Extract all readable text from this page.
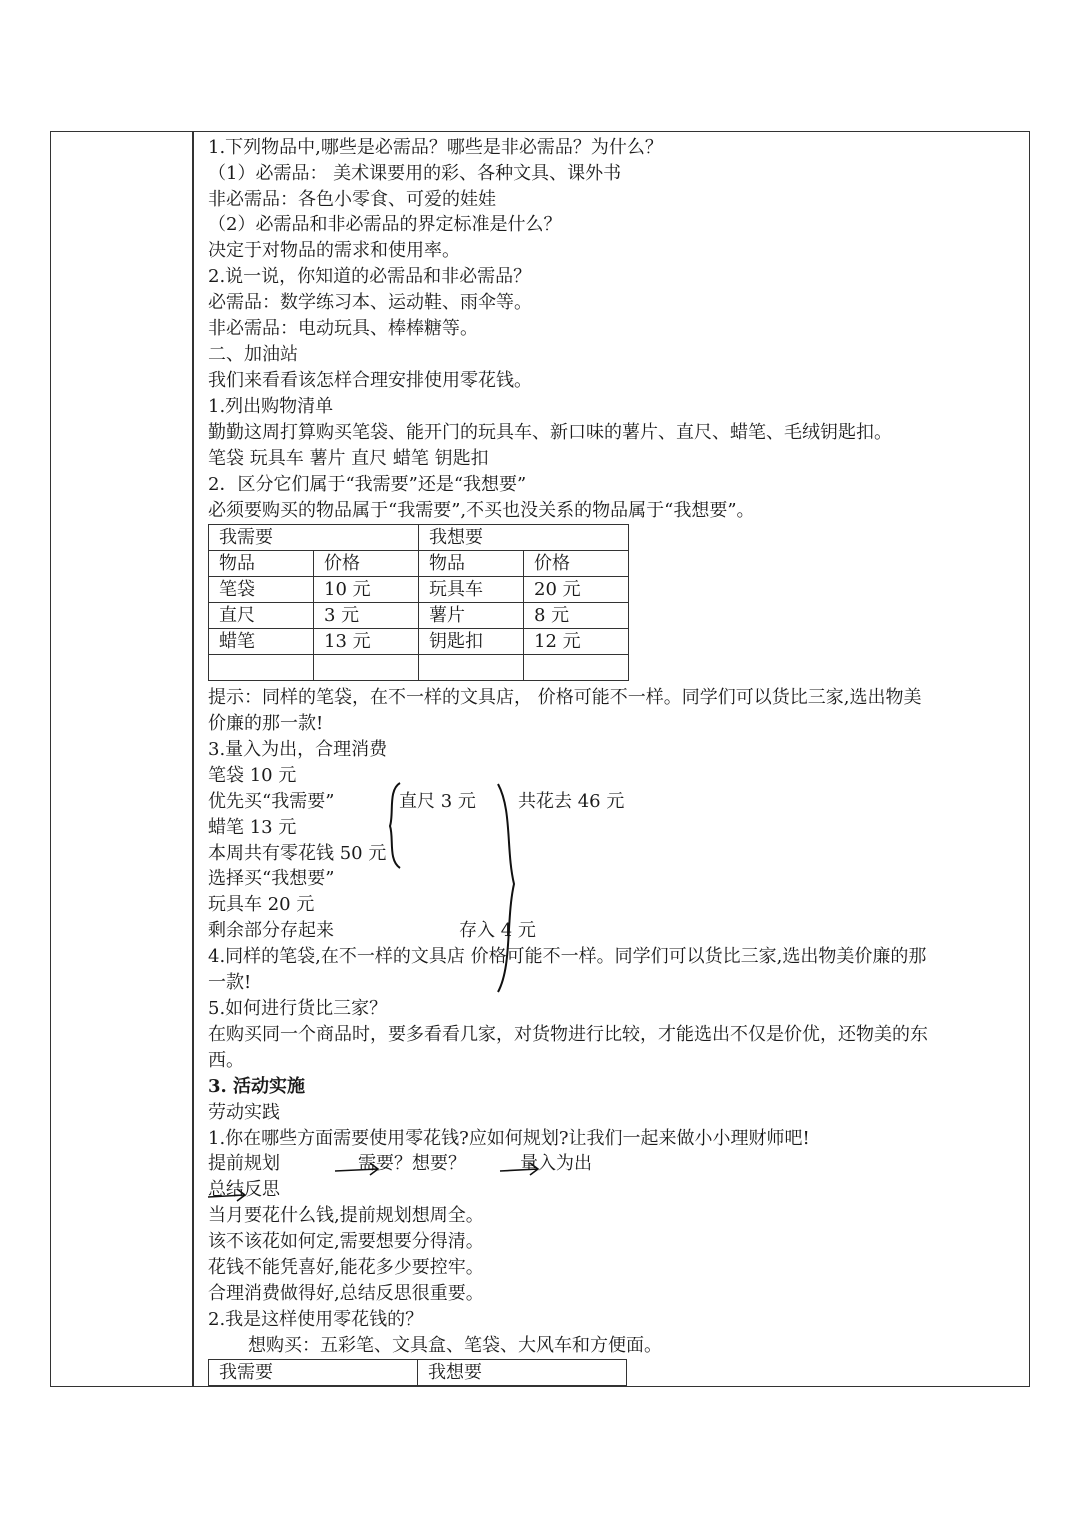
1.下列物品中,哪些是必需品？哪些是非必需品？为什么？
（1）必需品： 美术课要用的彩、各种文具、课外书
非必需品：各色小零食、可爱的娃娃
（2）必需品和非必需品的界定标准是什么？
决定于对物品的需求和使用率。
2.说一说，你知道的必需品和非必需品？
必需品：数学练习本、运动鞋、雨伞等。
非必需品：电动玩具、棒棒糖等。
二、加油站
我们来看看该怎样合理安排使用零花钱。
1.列出购物清单
勤勤这周打算购买笔袋、能开门的玩具车、新口味的薯片、直尺、蜡笔、毛绒钥匙扣。
笔袋 玩具车 薯片 直尺 蜡笔 钥匙扣
2．区分它们属于“我需要”还是“我想要”
必须要购买的物品属于“我需要”,不买也没关系的物品属于“我想要”。
我需要		我想要	
物品	价格	物品	价格
笔袋	10 元	玩具车	20 元
直尺	3 元	薯片	8 元
蜡笔	13 元	钥匙扣	12 元

提示：同样的笔袋，在不一样的文具店， 价格可能不一样。同学们可以货比三家,选出物美
价廉的那一款!
3.量入为出，合理消费
笔袋 10 元
优先买“我需要”	直尺 3 元 共花去 46 元
蜡笔 13 元
本周共有零花钱 50 元
选择买“我想要”
玩具车 20 元
剩余部分存起来	存入 4 元
4.同样的笔袋,在不一样的文具店 价格可能不一样。同学们可以货比三家,选出物美价廉的那
一款!
5.如何进行货比三家？
在购买同一个商品时，要多看看几家，对货物进行比较，才能选出不仅是价优，还物美的东
西。
3. 活动实施
劳动实践
1.你在哪些方面需要使用零花钱?应如何规划?让我们一起来做小小理财师吧!
提前规划	需要？想要？	量入为出
总结反思
当月要花什么钱,提前规划想周全。
该不该花如何定,需要想要分得清。
花钱不能凭喜好,能花多少要控牢。
合理消费做得好,总结反思很重要。
2.我是这样使用零花钱的？
想购买：五彩笔、文具盒、笔袋、大风车和方便面。
我需要	我想要
